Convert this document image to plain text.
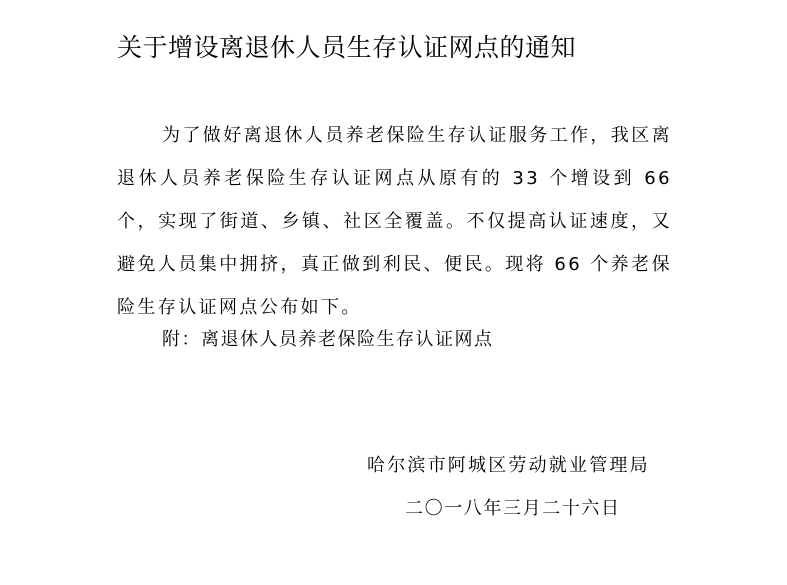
关于增设离退休人员生存认证网点的通知

为了做好离退休人员养老保险生存认证服务工作，我区离退休人员养老保险生存认证网点从原有的 33 个增设到 66 个，实现了街道、乡镇、社区全覆盖。不仅提高认证速度，又避免人员集中拥挤，真正做到利民、便民。现将 66 个养老保险生存认证网点公布如下。

附：离退休人员养老保险生存认证网点
哈尔滨市阿城区劳动就业管理局
二〇一八年三月二十六日
